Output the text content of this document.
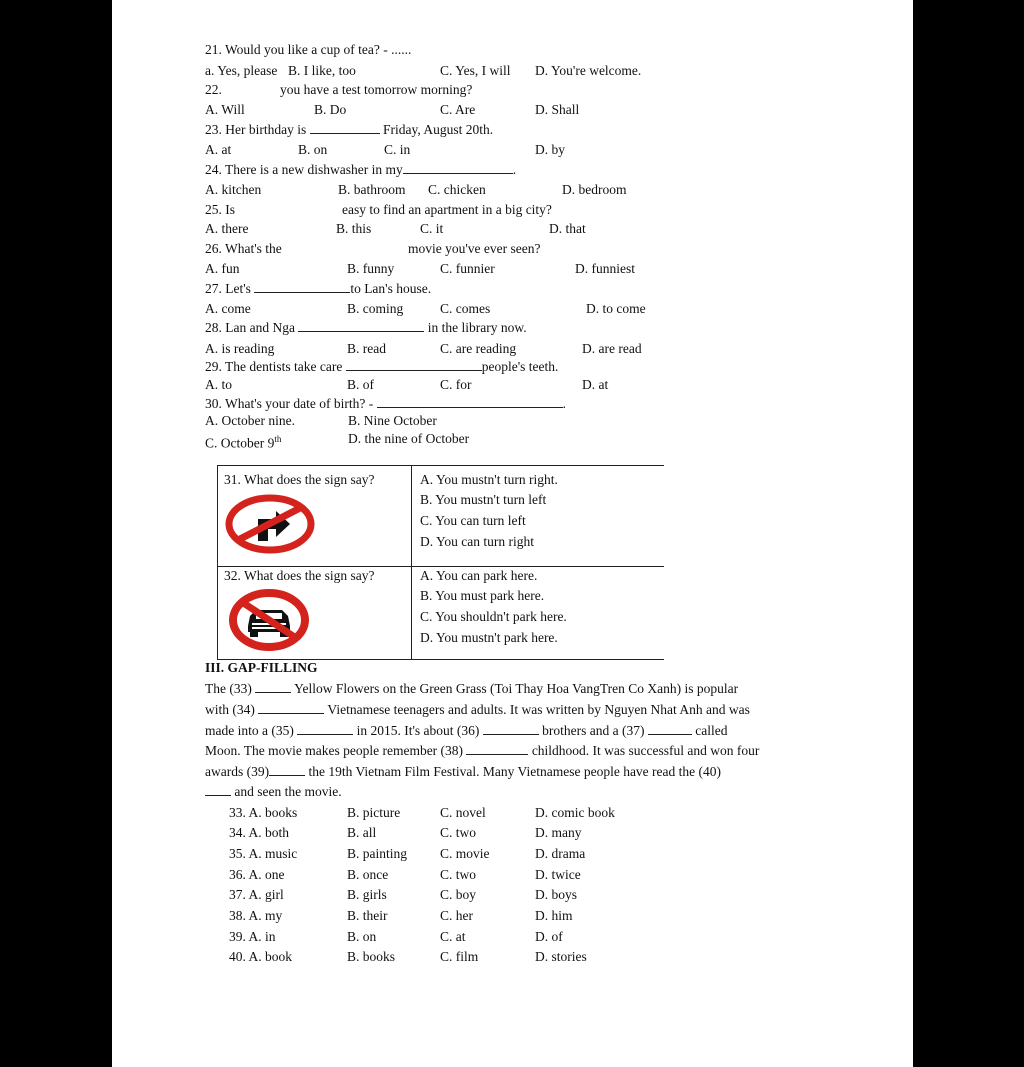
21. Would you like a cup of tea? - ......
a. Yes, please B. I like, too	C. Yes, I will D. You're welcome.
22.	you have a test tomorrow morning?
A. Will	B. Do	C. Are	D. Shall
23. Her birthday is	Friday, August 20th.
A. at	B. on	C. in	D. by
24. There is a new dishwasher in my	.
A. kitchen	B. bathroom C. chicken	D. bedroom
25. Is	easy to find an apartment in a big city?
A. there	B. this	C. it	D. that
26. What's the	movie you've ever seen?
A. fun	B. funny	C. funnier	D. funniest
27. Let's	to Lan's house.
A. come	B. coming	C. comes	D. to come
28. Lan and Nga	in the library now.
A. is reading	B. read	C. are reading	D. are read
29. The dentists take care	people's teeth.
A. to	B. of	C. for	D. at
30. What's your date of birth? -	.
A. October nine.	B. Nine October
C. October 9th	D. the nine of October
31. What does the sign say?	A. You mustn't turn right.
B. You mustn't turn left
C. You can turn left
D. You can turn right
32. What does the sign say?	A. You can park here.
B. You must park here.
C. You shouldn't park here.
D. You mustn't park here.
III. GAP-FILLING
The (33)	Yellow Flowers on the Green Grass (Toi Thay Hoa VangTren Co Xanh) is popular
with (34)	Vietnamese teenagers and adults. It was written by Nguyen Nhat Anh and was
made into a (35)	in 2015. It's about (36)	brothers and a (37)	called
Moon. The movie makes people remember (38)	childhood. It was successful and won four
awards (39)	the 19th Vietnam Film Festival. Many Vietnamese people have read the (40)
and seen the movie.
33. A. books	B. picture	C. novel	D. comic book
34. A. both	B. all	C. two	D. many
35. A. music	B. painting C. movie	D. drama
36. A. one	B. once	C. two	D. twice
37. A. girl	B. girls	C. boy	D. boys
38. A. my	B. their	C. her	D. him
39. A. in	B. on	C. at	D. of
40. A. book	B. books	C. film	D. stories
